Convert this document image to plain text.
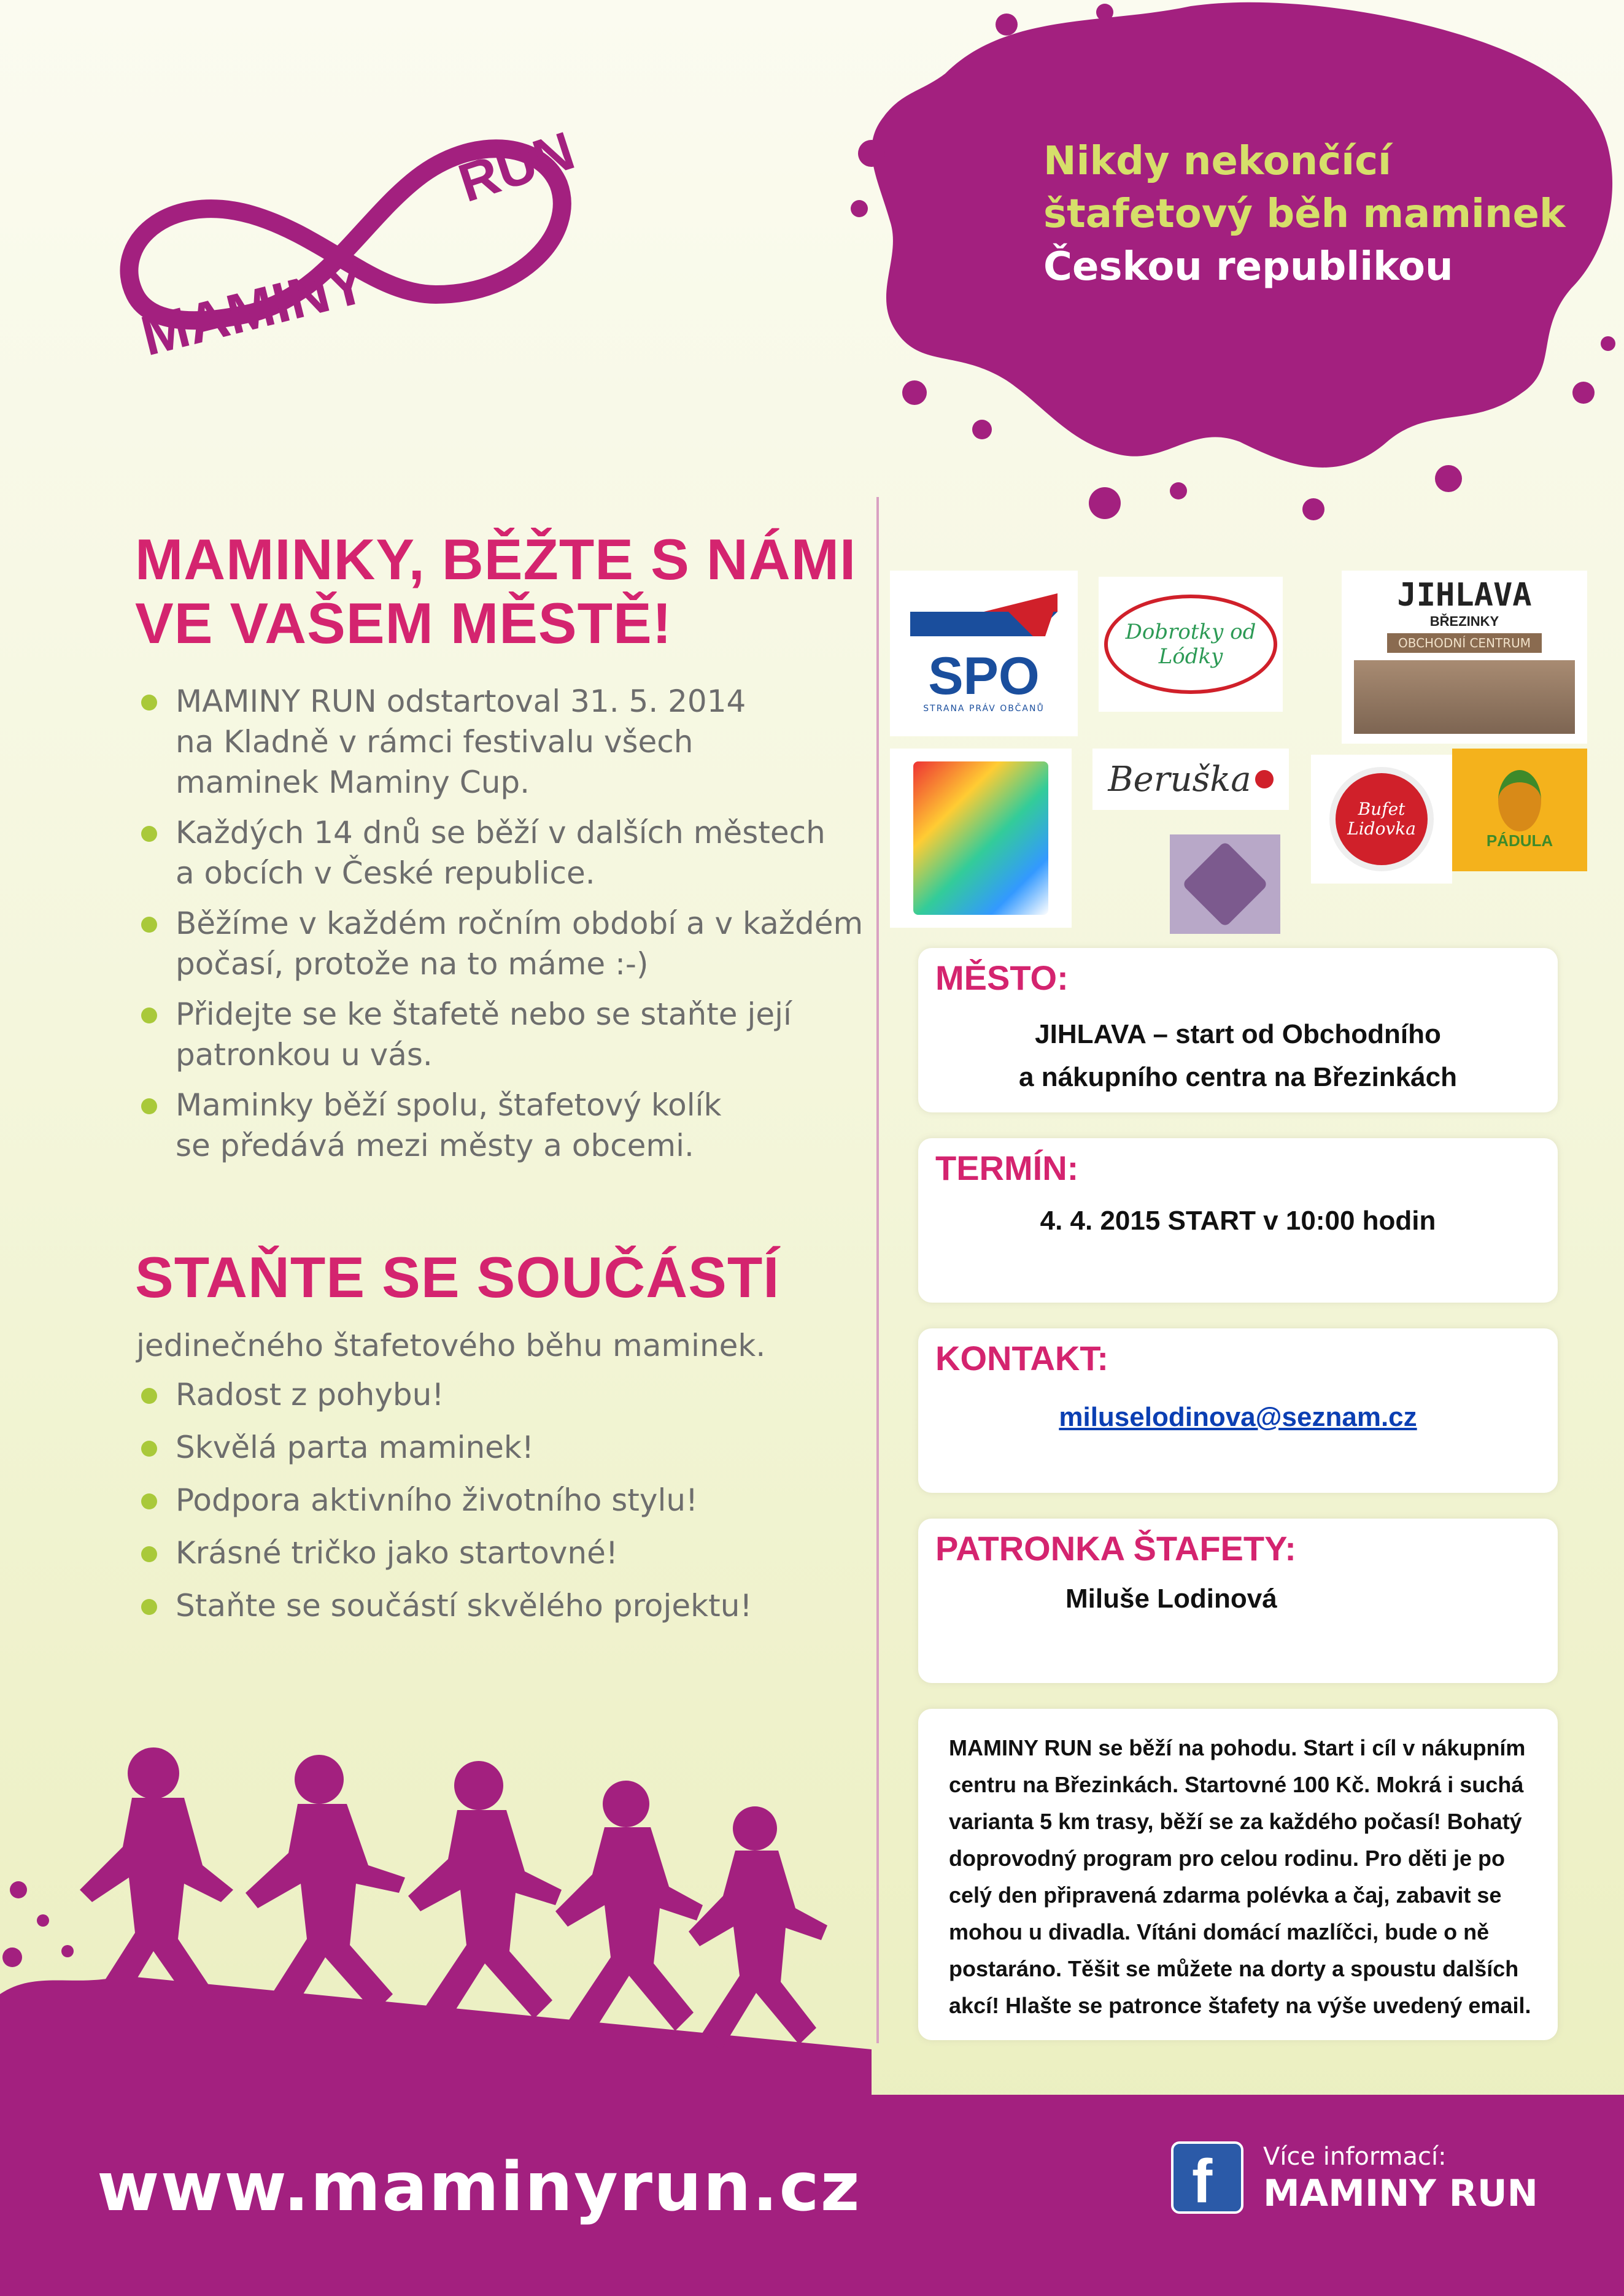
MAMINY
RUN	Nikdy nekončící
štafetový běh maminek
Českou republikou
MAMINKY, BĚŽTE S NÁMI
VE VAŠEM MĚSTĚ!
MAMINY RUN odstartoval 31. 5. 2014
na Kladně v rámci festivalu všech
maminek Maminy Cup.
Každých 14 dnů se běží v dalších městech
a obcích v České republice.
Běžíme v každém ročním období a v každém
počasí, protože na to máme :-)
Přidejte se ke štafetě nebo se staňte její
patronkou u vás.
Maminky běží spolu, štafetový kolík
se předává mezi městy a obcemi.
STAŇTE SE SOUČÁSTÍ
jedinečného štafetového běhu maminek.
Radost z pohybu!
Skvělá parta maminek!
Podpora aktivního životního stylu!
Krásné tričko jako startovné!
Staňte se součástí skvělého projektu!
SPO
STRANA PRÁV OBČANŮ
Dobrotky od Lódky
JIHLAVA
BŘEZINKY
OBCHODNÍ CENTRUM
Beruška
Bufet Lidovka
PÁDULA
MĚSTO:
JIHLAVA – start od Obchodního
a nákupního centra na Březinkách
TERMÍN:
4. 4. 2015 START v 10:00 hodin
KONTAKT:
miluselodinova@seznam.cz
PATRONKA ŠTAFETY:
Miluše Lodinová
MAMINY RUN se běží na pohodu. Start i cíl v nákupním centru na Březinkách. Startovné 100 Kč. Mokrá i suchá varianta 5 km trasy, běží se za každého počasí! Bohatý doprovodný program pro celou rodinu. Pro děti je po celý den připravená zdarma polévka a čaj, zabavit se mohou u divadla. Vítáni domácí mazlíčci, bude o ně postaráno. Těšit se můžete na dorty a spoustu dalších akcí! Hlašte se patronce štafety na výše uvedený email.
www.maminyrun.cz	f Více informací:
MAMINY RUN
